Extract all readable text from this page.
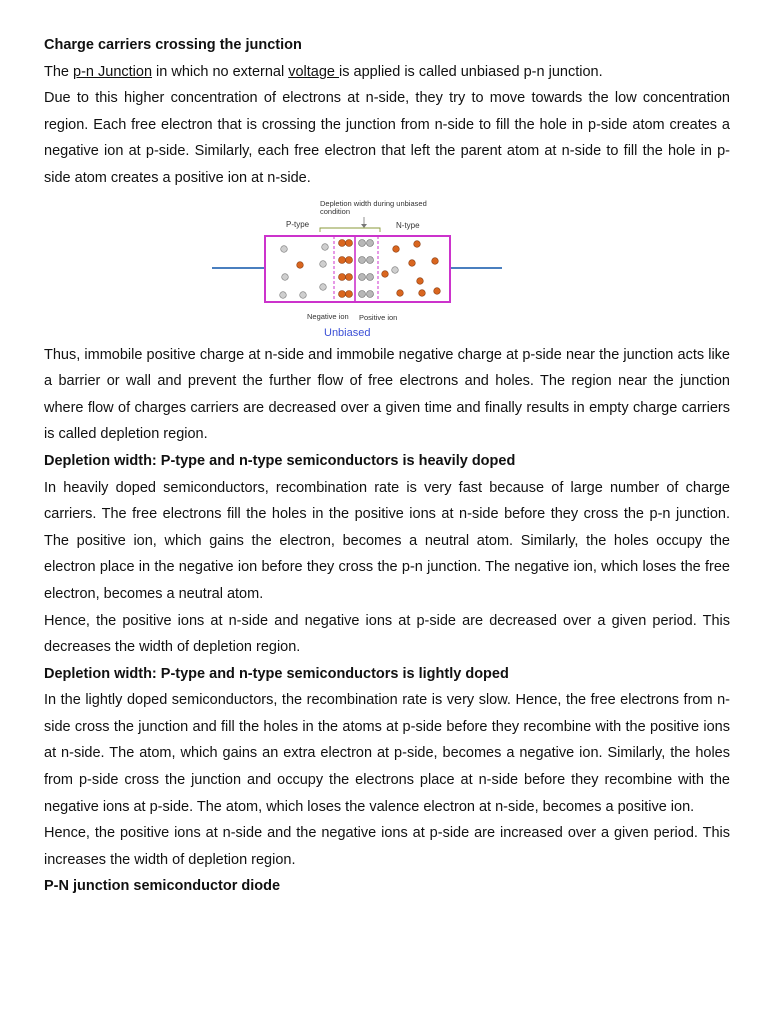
Charge carriers crossing the junction

The p-n Junction in which no external voltage is applied is called unbiased p-n junction.

Due to this higher concentration of electrons at n-side, they try to move towards the low concentration region. Each free electron that is crossing the junction from n-side to fill the hole in p-side atom creates a negative ion at p-side. Similarly, each free electron that left the parent atom at n-side to fill the hole in p-side atom creates a positive ion at n-side.

Depletion width during unbiased
condition
P-type	N-type
Negative ion Positive ion
Unbiased

Thus, immobile positive charge at n-side and immobile negative charge at p-side near the junction acts like a barrier or wall and prevent the further flow of free electrons and holes. The region near the junction where flow of charges carriers are decreased over a given time and finally results in empty charge carriers is called depletion region.

Depletion width: P-type and n-type semiconductors is heavily doped

In heavily doped semiconductors, recombination rate is very fast because of large number of charge carriers. The free electrons fill the holes in the positive ions at n-side before they cross the p-n junction. The positive ion, which gains the electron, becomes a neutral atom. Similarly, the holes occupy the electron place in the negative ion before they cross the p-n junction. The negative ion, which loses the free electron, becomes a neutral atom.

Hence, the positive ions at n-side and negative ions at p-side are decreased over a given period. This decreases the width of depletion region.

Depletion width: P-type and n-type semiconductors is lightly doped

In the lightly doped semiconductors, the recombination rate is very slow. Hence, the free electrons from n-side cross the junction and fill the holes in the atoms at p-side before they recombine with the positive ions at n-side. The atom, which gains an extra electron at p-side, becomes a negative ion. Similarly, the holes from p-side cross the junction and occupy the electrons place at n-side before they recombine with the negative ions at p-side. The atom, which loses the valence electron at n-side, becomes a positive ion.

Hence, the positive ions at n-side and the negative ions at p-side are increased over a given period. This increases the width of depletion region.

P-N junction semiconductor diode
